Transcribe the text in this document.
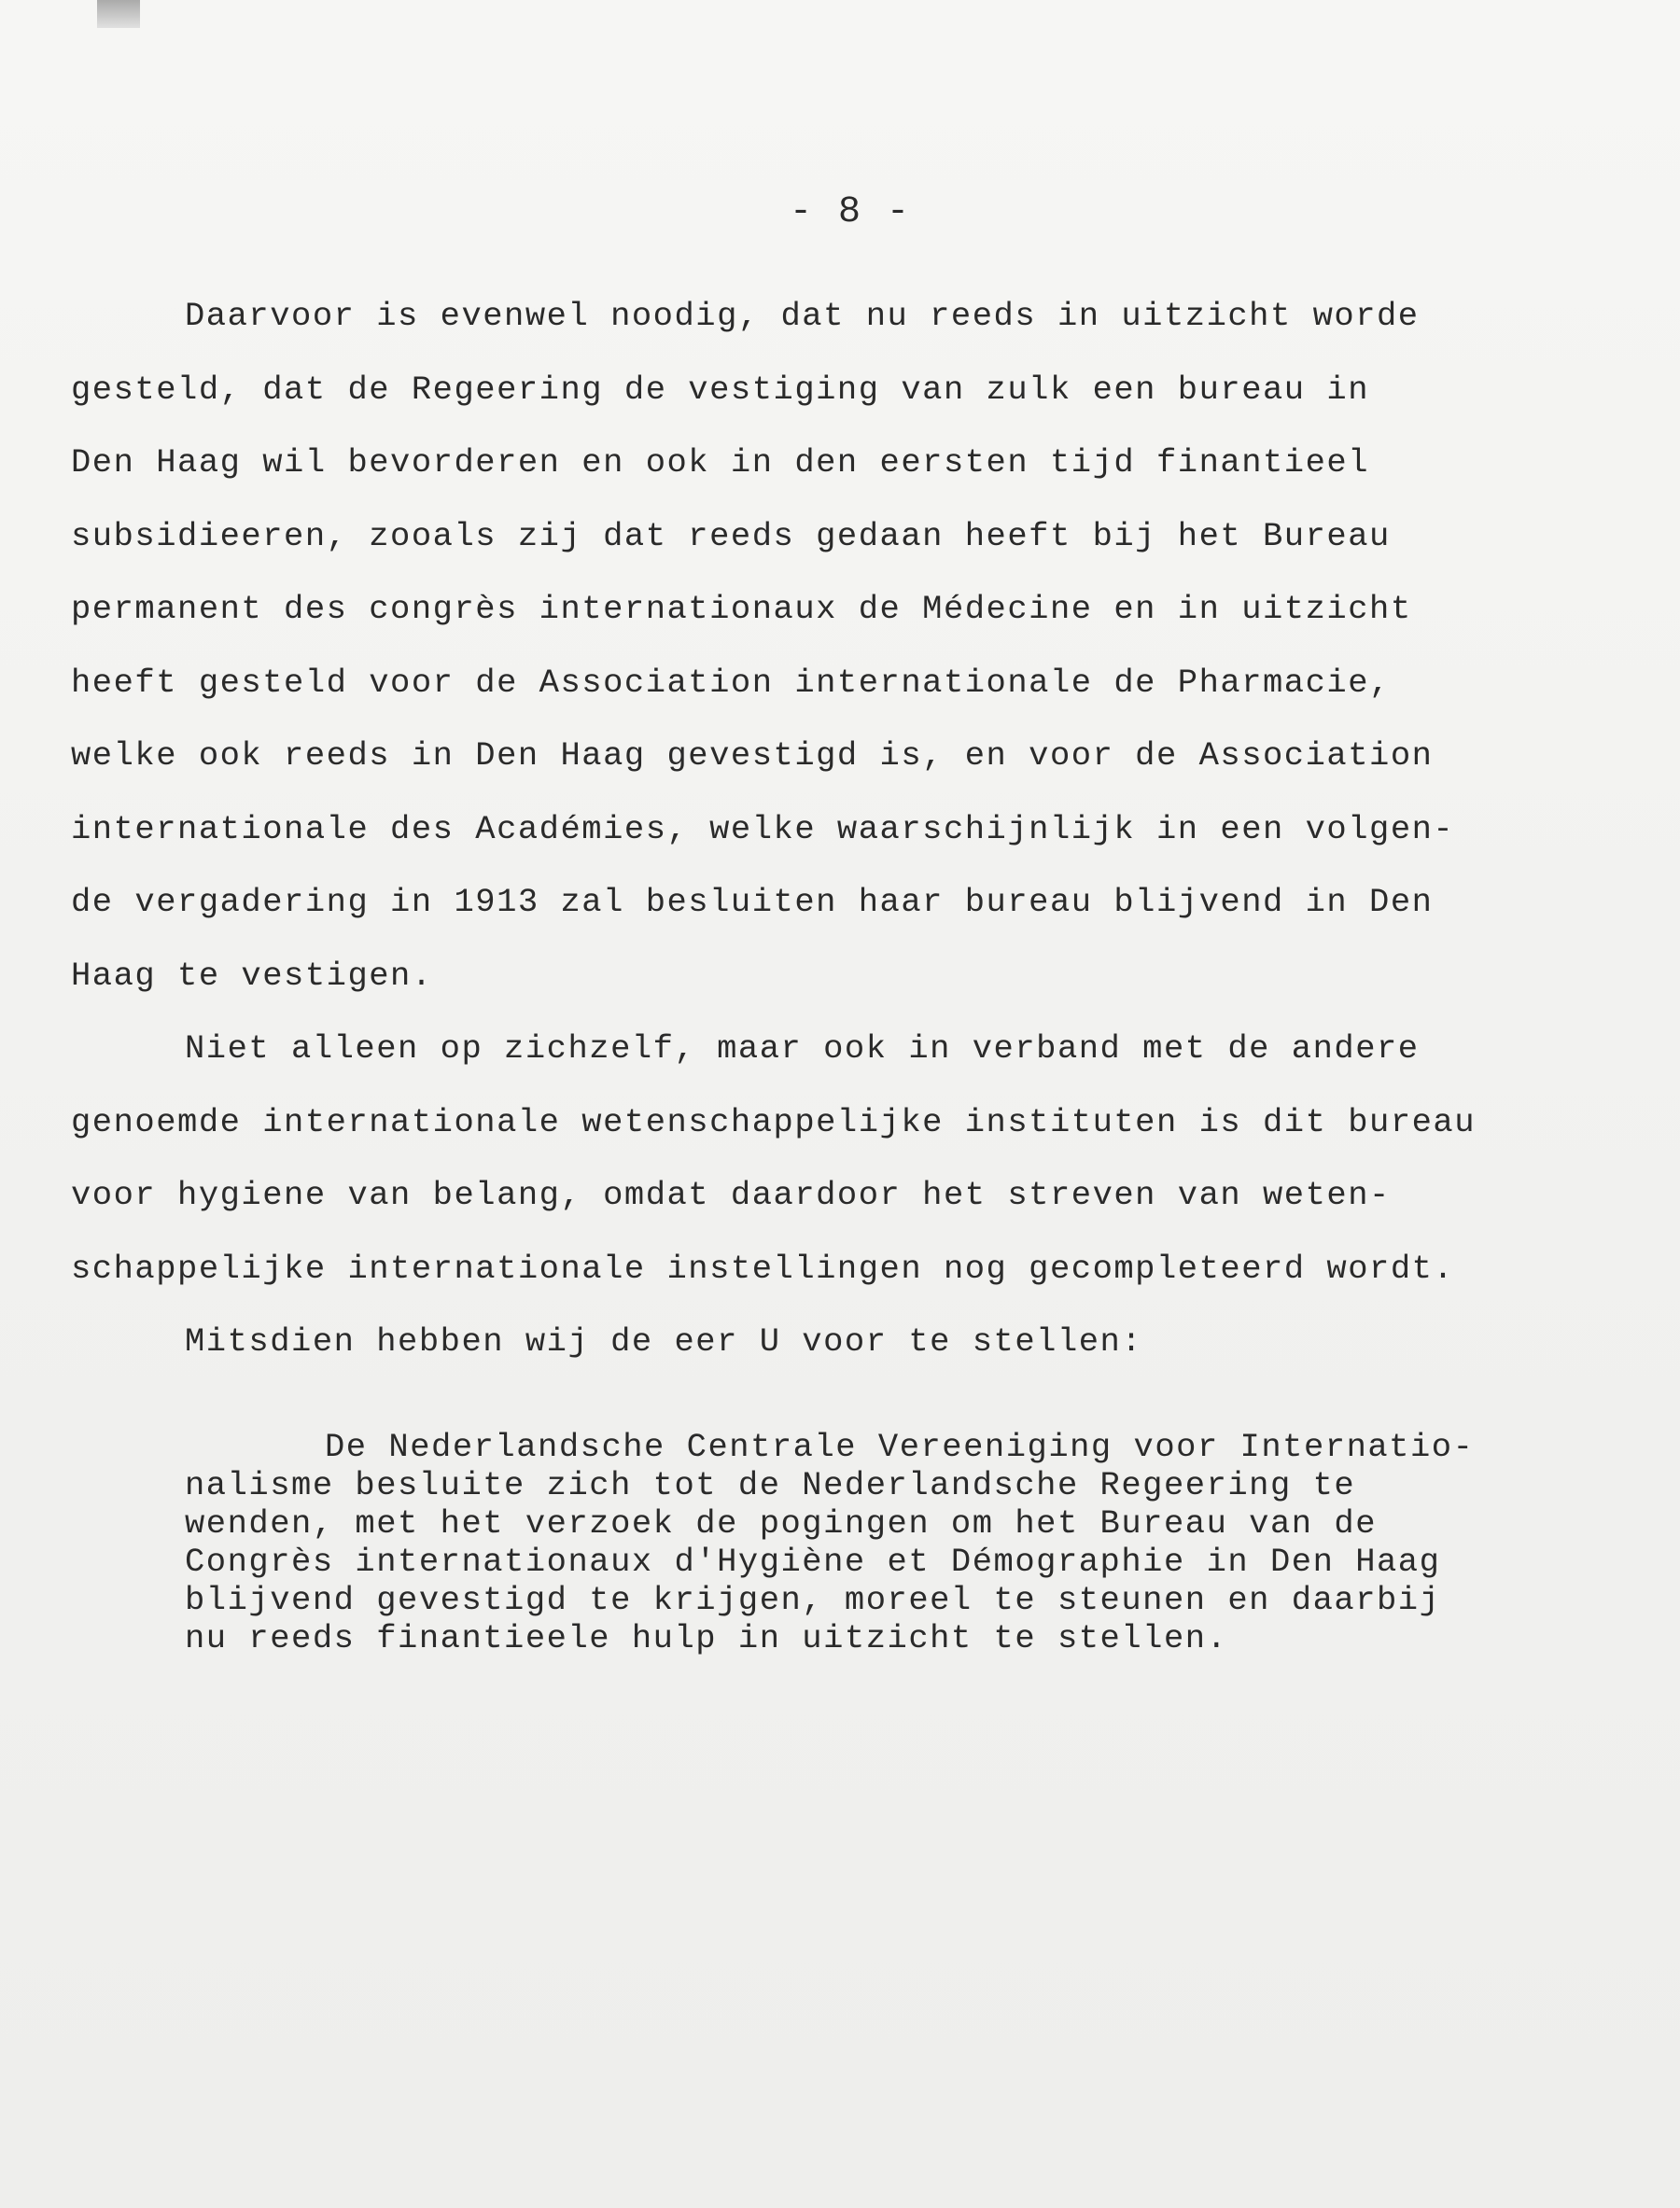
- 8 -

Daarvoor is evenwel noodig, dat nu reeds in uitzicht worde

gesteld, dat de Regeering de vestiging van zulk een bureau in

Den Haag wil bevorderen en ook in den eersten tijd finantieel

subsidieeren, zooals zij dat reeds gedaan heeft bij het Bureau

permanent des congrès internationaux de Médecine en in uitzicht

heeft gesteld voor de Association internationale de Pharmacie,

welke ook reeds in Den Haag gevestigd is, en voor de Association

internationale des Académies, welke waarschijnlijk in een volgen-

de vergadering in 1913 zal besluiten haar bureau blijvend in Den

Haag te vestigen.

Niet alleen op zichzelf, maar ook in verband met de andere

genoemde internationale wetenschappelijke instituten is dit bureau

voor hygiene van belang, omdat daardoor het streven van weten-

schappelijke internationale instellingen nog gecompleteerd wordt.

Mitsdien hebben wij de eer U voor te stellen:

De Nederlandsche Centrale Vereeniging voor Internatio-

nalisme besluite zich tot de Nederlandsche Regeering te

wenden, met het verzoek de pogingen om het Bureau van de

Congrès internationaux d'Hygiène et Démographie in Den Haag

blijvend gevestigd te krijgen, moreel te steunen en daarbij

nu reeds finantieele hulp in uitzicht te stellen.
